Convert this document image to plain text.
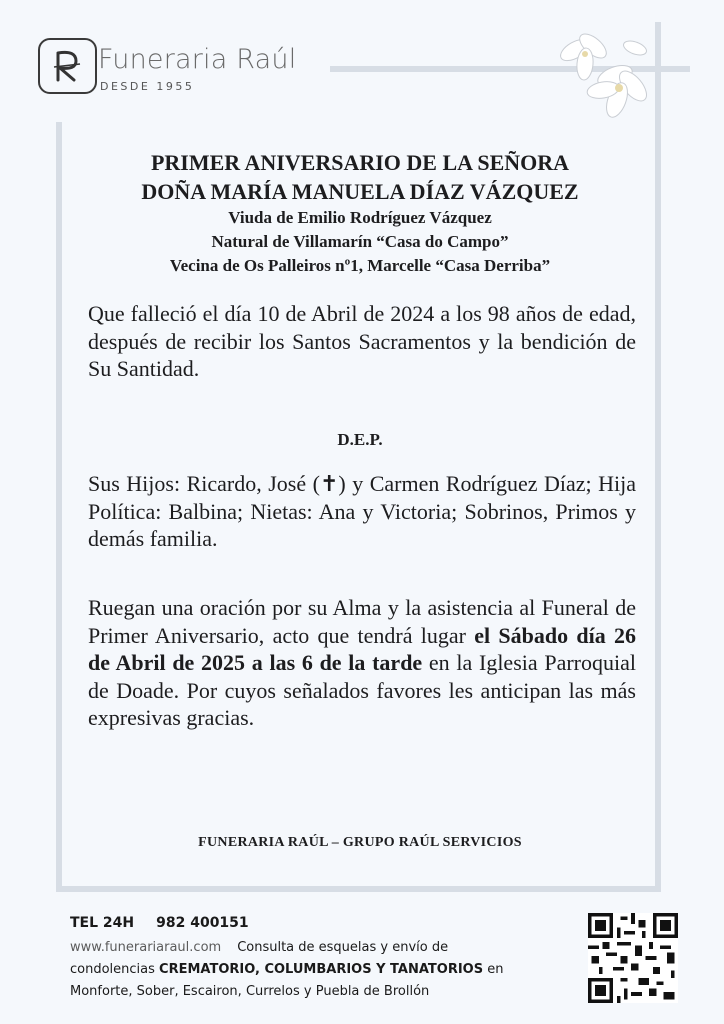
Funeraria Raúl
DESDE 1955
PRIMER ANIVERSARIO DE LA SEÑORA
DOÑA MARÍA MANUELA DÍAZ VÁZQUEZ
Viuda de Emilio Rodríguez Vázquez
Natural de Villamarín “Casa do Campo”
Vecina de Os Palleiros nº1, Marcelle “Casa Derriba”
Que falleció el día 10 de Abril de 2024 a los 98 años de edad, después de recibir los Santos Sacramentos y la bendición de Su Santidad.
D.E.P.
Sus Hijos: Ricardo, José (✝) y Carmen Rodríguez Díaz; Hija Política: Balbina; Nietas: Ana y Victoria; Sobrinos, Primos y demás familia.
Ruegan una oración por su Alma y la asistencia al Funeral de Primer Aniversario, acto que tendrá lugar el Sábado día 26 de Abril de 2025 a las 6 de la tarde en la Iglesia Parroquial de Doade. Por cuyos señalados favores les anticipan las más expresivas gracias.
FUNERARIA RAÚL – GRUPO RAÚL SERVICIOS
TEL 24H 982 400151
www.funerariaraul.com Consulta de esquelas y envío de
condolencias CREMATORIO, COLUMBARIOS Y TANATORIOS en
Monforte, Sober, Escairon, Currelos y Puebla de Brollón
